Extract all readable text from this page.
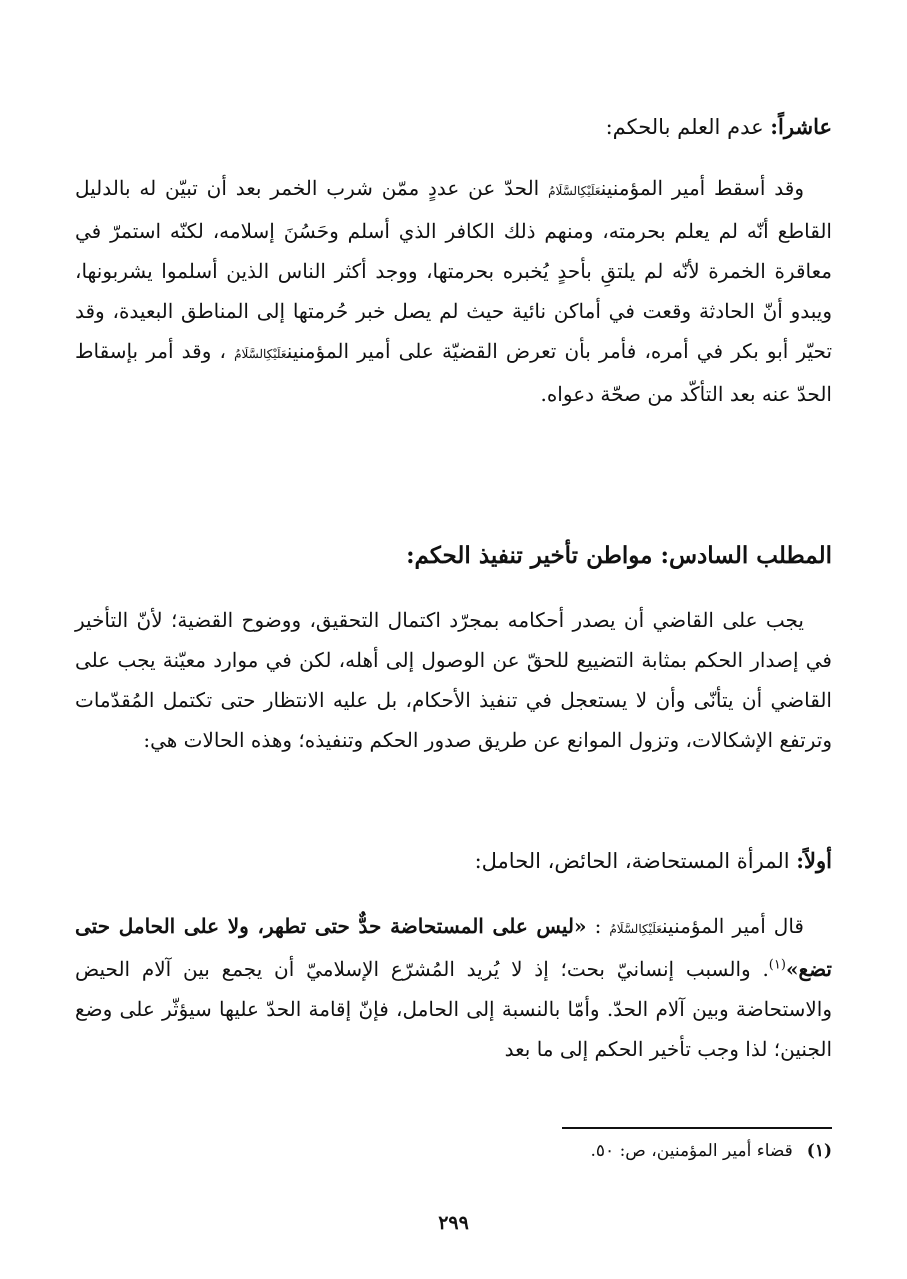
عاشراً: عدم العلم بالحكم:

وقد أسقط أمير المؤمنينعَلَيْكِالسَّلَامُ الحدّ عن عددٍ ممّن شرب الخمر بعد أن تبيّن له بالدليل القاطع أنّه لم يعلم بحرمته، ومنهم ذلك الكافر الذي أسلم وحَسُنَ إسلامه، لكنّه استمرّ في معاقرة الخمرة لأنّه لم يلتقِ بأحدٍ يُخبره بحرمتها، ووجد أكثر الناس الذين أسلموا يشربونها، ويبدو أنّ الحادثة وقعت في أماكن نائية حيث لم يصل خبر حُرمتها إلى المناطق البعيدة، وقد تحيّر أبو بكر في أمره، فأمر بأن تعرض القضيّة على أمير المؤمنينعَلَيْكِالسَّلَامُ ، وقد أمر بإسقاط الحدّ عنه بعد التأكّد من صحّة دعواه.

المطلب السادس: مواطن تأخير تنفيذ الحكم:

يجب على القاضي أن يصدر أحكامه بمجرّد اكتمال التحقيق، ووضوح القضية؛ لأنّ التأخير في إصدار الحكم بمثابة التضييع للحقّ عن الوصول إلى أهله، لكن في موارد معيّنة يجب على القاضي أن يتأنّى وأن لا يستعجل في تنفيذ الأحكام، بل عليه الانتظار حتى تكتمل المُقدّمات وترتفع الإشكالات، وتزول الموانع عن طريق صدور الحكم وتنفيذه؛ وهذه الحالات هي:

أولاً: المرأة المستحاضة، الحائض، الحامل:

قال أمير المؤمنينعَلَيْكِالسَّلَامُ : «ليس على المستحاضة حدٌّ حتى تطهر، ولا على الحامل حتى تضع»$^{(١)}$. والسبب إنسانيّ بحت؛ إذ لا يُريد المُشرّع الإسلاميّ أن يجمع بين آلام الحيض والاستحاضة وبين آلام الحدّ. وأمّا بالنسبة إلى الحامل، فإنّ إقامة الحدّ عليها سيؤثّر على وضع الجنين؛ لذا وجب تأخير الحكم إلى ما بعد

(١)قضاء أمير المؤمنين، ص: ٥٠.
٢٩٩
